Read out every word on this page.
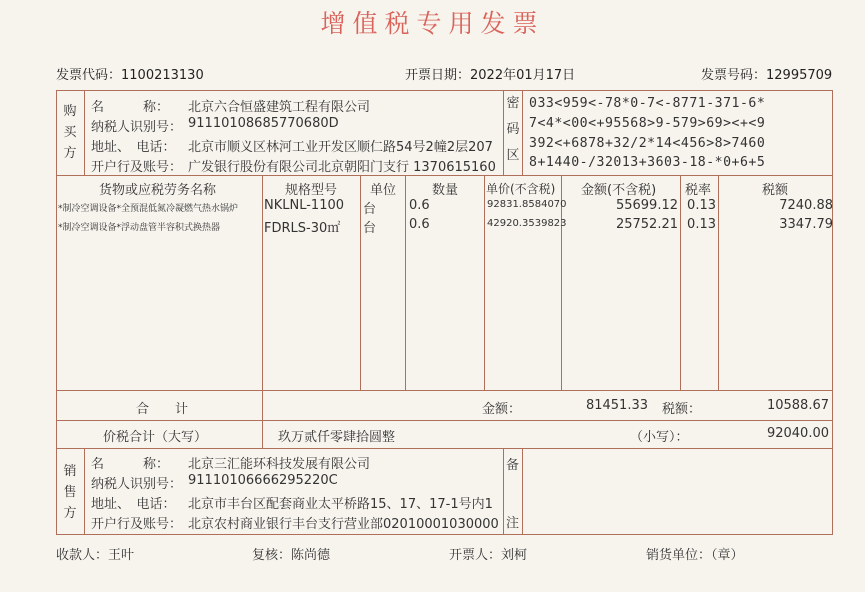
增值税专用发票
发票代码：1100213130	开票日期：2022年01月17日	发票号码：12995709
购买方
名　　　称： 北京六合恒盛建筑工程有限公司
纳税人识别号： 91110108685770680D
地址、　电话： 北京市顺义区林河工业开发区顺仁路54号2幢2层207
开户行及账号： 广发银行股份有限公司北京朝阳门支行 1370615160
密码区
033<959<-78*0-7<-8771-371-6*
7<4*<00<+95568>9-579>69><+<9
392<+6878+32/2*14<456>8>7460
8+1440-/32013+3603-18-*0+6+5
货物或应税劳务名称	规格型号	单位	数量 单价(不含税) 金额(不含税) 税率	税额
*制冷空调设备*全预混低氮冷凝燃气热水锅炉 NKLNL-1100 台	0.6	92831.8584070	55699.12 0.13	7240.88
*制冷空调设备*浮动盘管半容积式换热器	FDRLS-30㎡ 台	0.6	42920.3539823	25752.21 0.13	3347.79
合　　计	金额：	81451.33 税额：	10588.67
价税合计（大写）	玖万贰仟零肆拾圆整	（小写）：	92040.00
销售方
名　　　称： 北京三汇能环科技发展有限公司
纳税人识别号： 91110106666295220C
地址、　电话： 北京市丰台区配套商业太平桥路15、17、17-1号内1
开户行及账号： 北京农村商业银行丰台支行营业部02010001030000
备
注
收款人：王叶	复核：陈尚德	开票人：刘柯	销货单位：（章）
